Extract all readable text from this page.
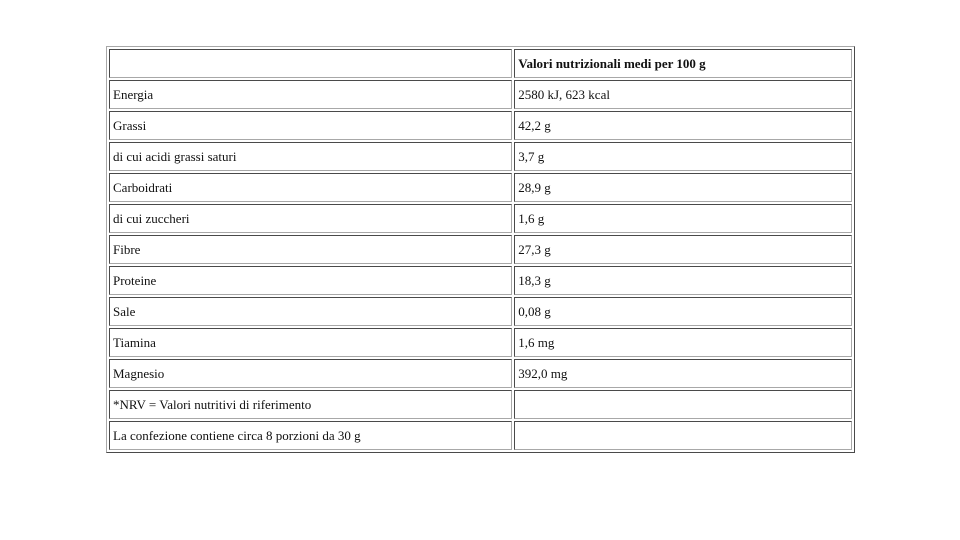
	Valori nutrizionali medi per 100 g
Energia	2580 kJ, 623 kcal
Grassi	42,2 g
di cui acidi grassi saturi	3,7 g
Carboidrati	28,9 g
di cui zuccheri	1,6 g
Fibre	27,3 g
Proteine	18,3 g
Sale	0,08 g
Tiamina	1,6 mg
Magnesio	392,0 mg
*NRV = Valori nutritivi di riferimento	
La confezione contiene circa 8 porzioni da 30 g	
